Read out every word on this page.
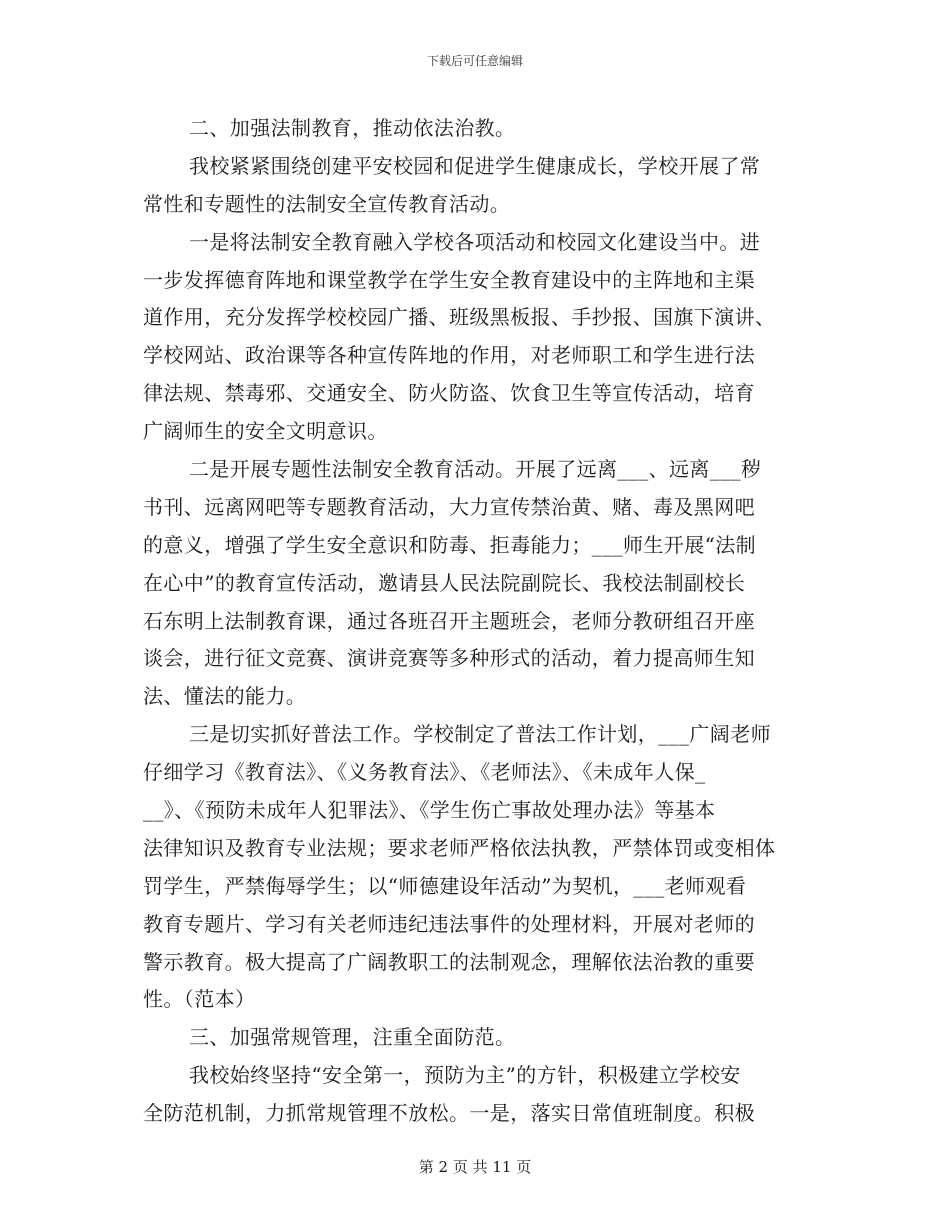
下载后可任意编辑
二、加强法制教育，推动依法治教。
我校紧紧围绕创建平安校园和促进学生健康成长，学校开展了常
常性和专题性的法制安全宣传教育活动。
一是将法制安全教育融入学校各项活动和校园文化建设当中。进
一步发挥德育阵地和课堂教学在学生安全教育建设中的主阵地和主渠
道作用，充分发挥学校校园广播、班级黑板报、手抄报、国旗下演讲、
学校网站、政治课等各种宣传阵地的作用，对老师职工和学生进行法
律法规、禁毒邪、交通安全、防火防盗、饮食卫生等宣传活动，培育
广阔师生的安全文明意识。
二是开展专题性法制安全教育活动。开展了远离___、远离___秽
书刊、远离网吧等专题教育活动，大力宣传禁治黄、赌、毒及黑网吧
的意义，增强了学生安全意识和防毒、拒毒能力；___师生开展“法制
在心中”的教育宣传活动，邀请县人民法院副院长、我校法制副校长
石东明上法制教育课，通过各班召开主题班会，老师分教研组召开座
谈会，进行征文竞赛、演讲竞赛等多种形式的活动，着力提高师生知
法、懂法的能力。
三是切实抓好普法工作。学校制定了普法工作计划，___广阔老师
仔细学习《教育法》、《义务教育法》、《老师法》、《未成年人保_
__》、《预防未成年人犯罪法》、《学生伤亡事故处理办法》等基本
法律知识及教育专业法规；要求老师严格依法执教，严禁体罚或变相体
罚学生，严禁侮辱学生；以“师德建设年活动”为契机，___老师观看
教育专题片、学习有关老师违纪违法事件的处理材料，开展对老师的
警示教育。极大提高了广阔教职工的法制观念，理解依法治教的重要
性。（范本）
三、加强常规管理，注重全面防范。
我校始终坚持“安全第一，预防为主”的方针，积极建立学校安
全防范机制，力抓常规管理不放松。一是，落实日常值班制度。积极
第 2 页 共 11 页
